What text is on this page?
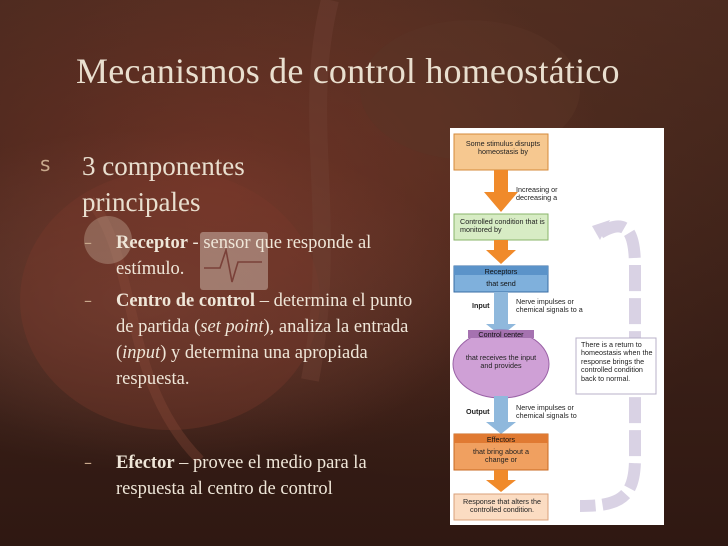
Mecanismos de control homeostático
s 3 componentes principales
– Receptor - sensor que responde al estímulo.
– Centro de control – determina el punto de partida (set point), analiza la entrada (input) y determina una apropiada respuesta.
– Efector – provee el medio para la respuesta al centro de control
Some stimulus disrupts homeostasis by
Increasing or decreasing a
Controlled condition that is monitored by
Receptors
that send
Input	Nerve impulses or chemical signals to a
Control center
that receives the input and provides
Output	Nerve impulses or chemical signals to
Effectors
that bring about a change or
Response that alters the controlled condition.
There is a return to homeostasis when the response brings the controlled condition back to normal.
